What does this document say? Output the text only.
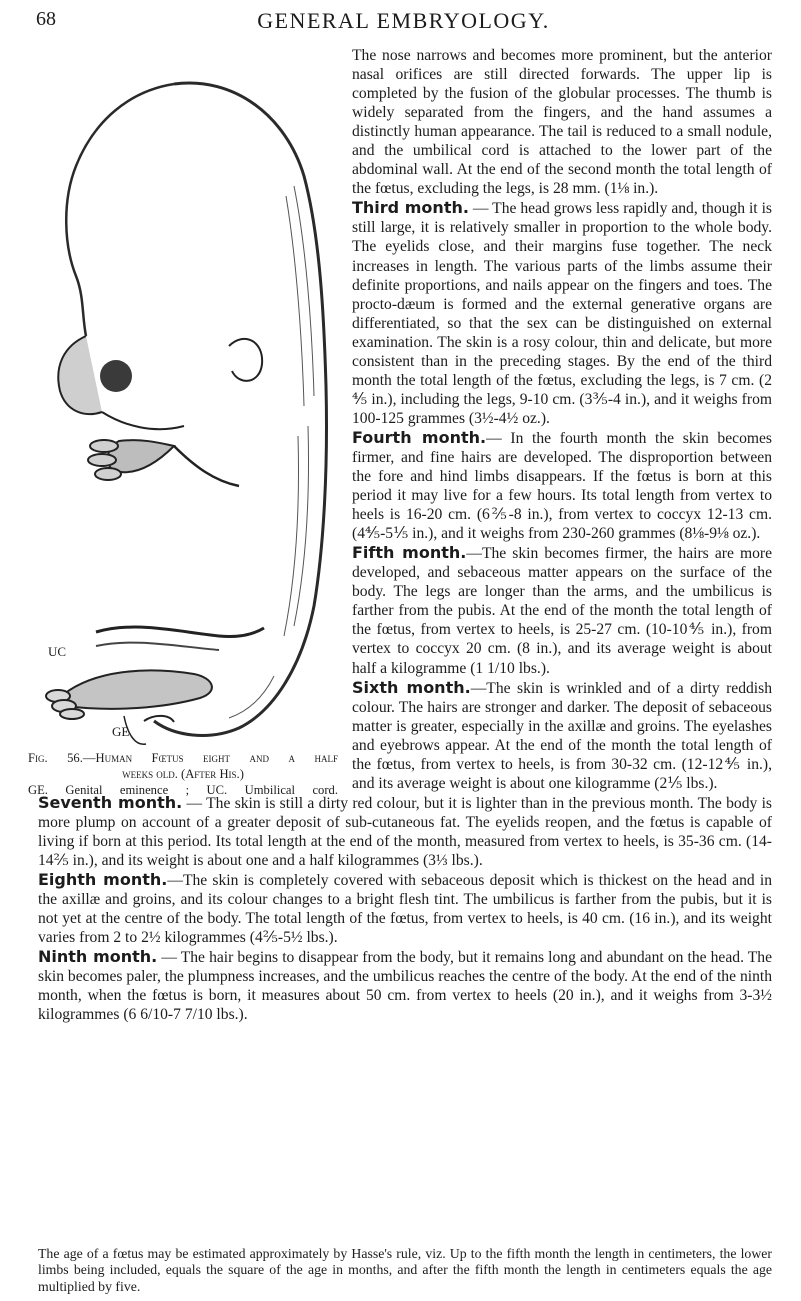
68	GENERAL EMBRYOLOGY.
UC
GE
Fig. 56.—Human Fœtus eight and a half
weeks old. (After His.)
GE. Genital eminence ; UC. Umbilical cord.

The nose narrows and becomes more prominent, but the anterior nasal orifices are still directed forwards. The upper lip is completed by the fusion of the globular processes. The thumb is widely separated from the fingers, and the hand assumes a distinctly human appearance. The tail is reduced to a small nodule, and the umbilical cord is attached to the lower part of the abdominal wall. At the end of the second month the total length of the fœtus, excluding the legs, is 28 mm. (1⅛ in.).

Third month. — The head grows less rapidly and, though it is still large, it is relatively smaller in proportion to the whole body. The eyelids close, and their margins fuse together. The neck increases in length. The various parts of the limbs assume their definite proportions, and nails appear on the fingers and toes. The procto-dæum is formed and the external generative organs are differentiated, so that the sex can be distinguished on external examination. The skin is a rosy colour, thin and delicate, but more consistent than in the preceding stages. By the end of the third month the total length of the fœtus, excluding the legs, is 7 cm. (2 ⅘ in.), including the legs, 9-10 cm. (3⅗-4 in.), and it weighs from 100-125 grammes (3½-4½ oz.).

Fourth month.— In the fourth month the skin becomes firmer, and fine hairs are developed. The disproportion between the fore and hind limbs disappears. If the fœtus is born at this period it may live for a few hours. Its total length from vertex to heels is 16-20 cm. (6⅖-8 in.), from vertex to coccyx 12-13 cm. (4⅘-5⅕ in.), and it weighs from 230-260 grammes (8⅛-9⅛ oz.).

Fifth month.—The skin becomes firmer, the hairs are more developed, and sebaceous matter appears on the surface of the body. The legs are longer than the arms, and the umbilicus is farther from the pubis. At the end of the month the total length of the fœtus, from vertex to heels, is 25-27 cm. (10-10⅘ in.), from vertex to coccyx 20 cm. (8 in.), and its average weight is about half a kilogramme (1 1/10 lbs.).

Sixth month.—The skin is wrinkled and of a dirty reddish colour. The hairs are stronger and darker. The deposit of sebaceous matter is greater, especially in the axillæ and groins. The eyelashes and eyebrows appear. At the end of the month the total length of the fœtus, from vertex to heels, is from 30-32 cm. (12-12⅘ in.), and its average weight is about one kilogramme (2⅕ lbs.).

Seventh month. — The skin is still a dirty red colour, but it is lighter than in the previous month. The body is more plump on account of a greater deposit of sub-cutaneous fat. The eyelids reopen, and the fœtus is capable of living if born at this period. Its total length at the end of the month, measured from vertex to heels, is 35-36 cm. (14-14⅖ in.), and its weight is about one and a half kilogrammes (3⅓ lbs.).

Eighth month.—The skin is completely covered with sebaceous deposit which is thickest on the head and in the axillæ and groins, and its colour changes to a bright flesh tint. The umbilicus is farther from the pubis, but it is not yet at the centre of the body. The total length of the fœtus, from vertex to heels, is 40 cm. (16 in.), and its weight varies from 2 to 2½ kilogrammes (4⅖-5½ lbs.).

Ninth month. — The hair begins to disappear from the body, but it remains long and abundant on the head. The skin becomes paler, the plumpness increases, and the umbilicus reaches the centre of the body. At the end of the ninth month, when the fœtus is born, it measures about 50 cm. from vertex to heels (20 in.), and it weighs from 3-3½ kilogrammes (6 6/10-7 7/10 lbs.).

The age of a fœtus may be estimated approximately by Hasse's rule, viz. Up to the fifth month the length in centimeters, the lower limbs being included, equals the square of the age in months, and after the fifth month the length in centimeters equals the age multiplied by five.
